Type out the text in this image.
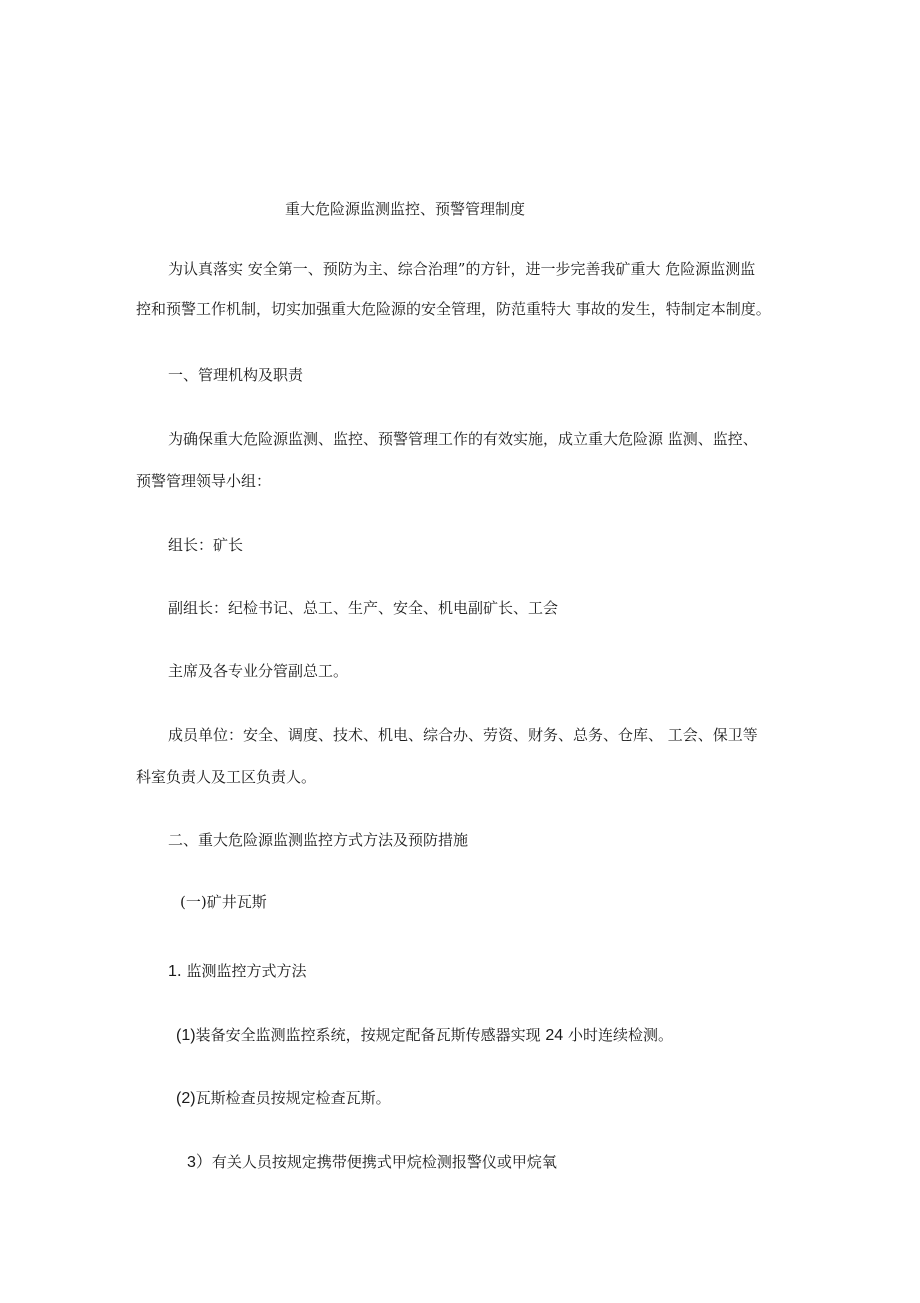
重大危险源监测监控、预警管理制度
为认真落实 安全第一、预防为主、综合治理”的方针，进一步完善我矿重大 危险源监测监
控和预警工作机制，切实加强重大危险源的安全管理，防范重特大 事故的发生，特制定本制度。
一、管理机构及职责
为确保重大危险源监测、监控、预警管理工作的有效实施，成立重大危险源 监测、监控、
预警管理领导小组：
组长：矿长
副组长：纪检书记、总工、生产、安全、机电副矿长、工会
主席及各专业分管副总工。
成员单位：安全、调度、技术、机电、综合办、劳资、财务、总务、仓库、 工会、保卫等
科室负责人及工区负责人。
二、重大危险源监测监控方式方法及预防措施
(一)矿井瓦斯
1. 监测监控方式方法
(1)装备安全监测监控系统，按规定配备瓦斯传感器实现 24 小时连续检测。
(2)瓦斯检查员按规定检查瓦斯。
3）有关人员按规定携带便携式甲烷检测报警仪或甲烷氧
